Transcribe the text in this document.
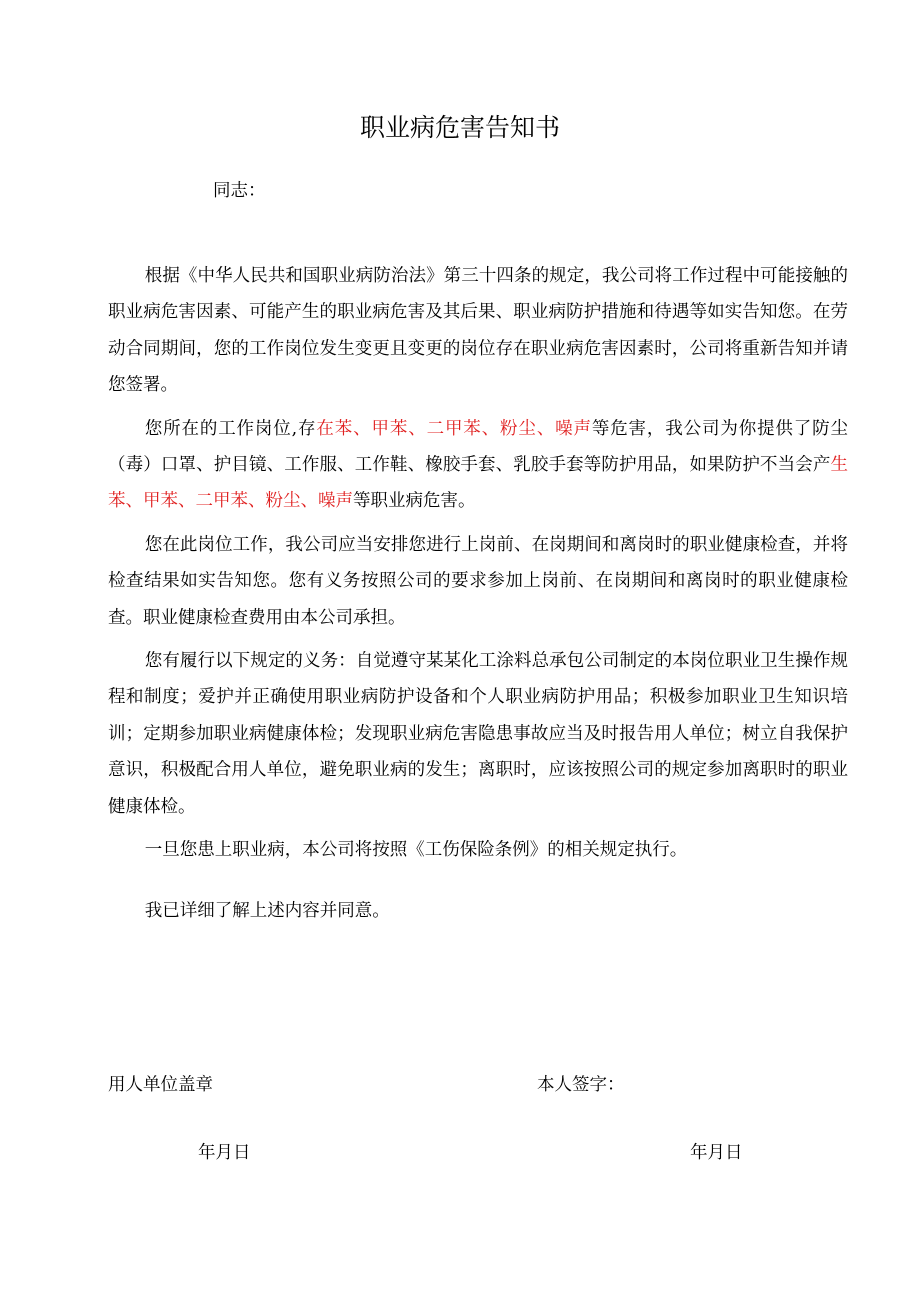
职业病危害告知书
同志：

根据《中华人民共和国职业病防治法》第三十四条的规定，我公司将工作过程中可能接触的职业病危害因素、可能产生的职业病危害及其后果、职业病防护措施和待遇等如实告知您。在劳动合同期间，您的工作岗位发生变更且变更的岗位存在职业病危害因素时，公司将重新告知并请您签署。

您所在的工作岗位,存在苯、甲苯、二甲苯、粉尘、噪声等危害，我公司为你提供了防尘（毒）口罩、护目镜、工作服、工作鞋、橡胶手套、乳胶手套等防护用品，如果防护不当会产生苯、甲苯、二甲苯、粉尘、噪声等职业病危害。

您在此岗位工作，我公司应当安排您进行上岗前、在岗期间和离岗时的职业健康检查，并将检查结果如实告知您。您有义务按照公司的要求参加上岗前、在岗期间和离岗时的职业健康检查。职业健康检查费用由本公司承担。

您有履行以下规定的义务：自觉遵守某某化工涂料总承包公司制定的本岗位职业卫生操作规程和制度；爱护并正确使用职业病防护设备和个人职业病防护用品；积极参加职业卫生知识培训；定期参加职业病健康体检；发现职业病危害隐患事故应当及时报告用人单位；树立自我保护意识，积极配合用人单位，避免职业病的发生；离职时，应该按照公司的规定参加离职时的职业健康体检。

一旦您患上职业病，本公司将按照《工伤保险条例》的相关规定执行。

我已详细了解上述内容并同意。

用人单位盖章	本人签字：
年月日	年月日
